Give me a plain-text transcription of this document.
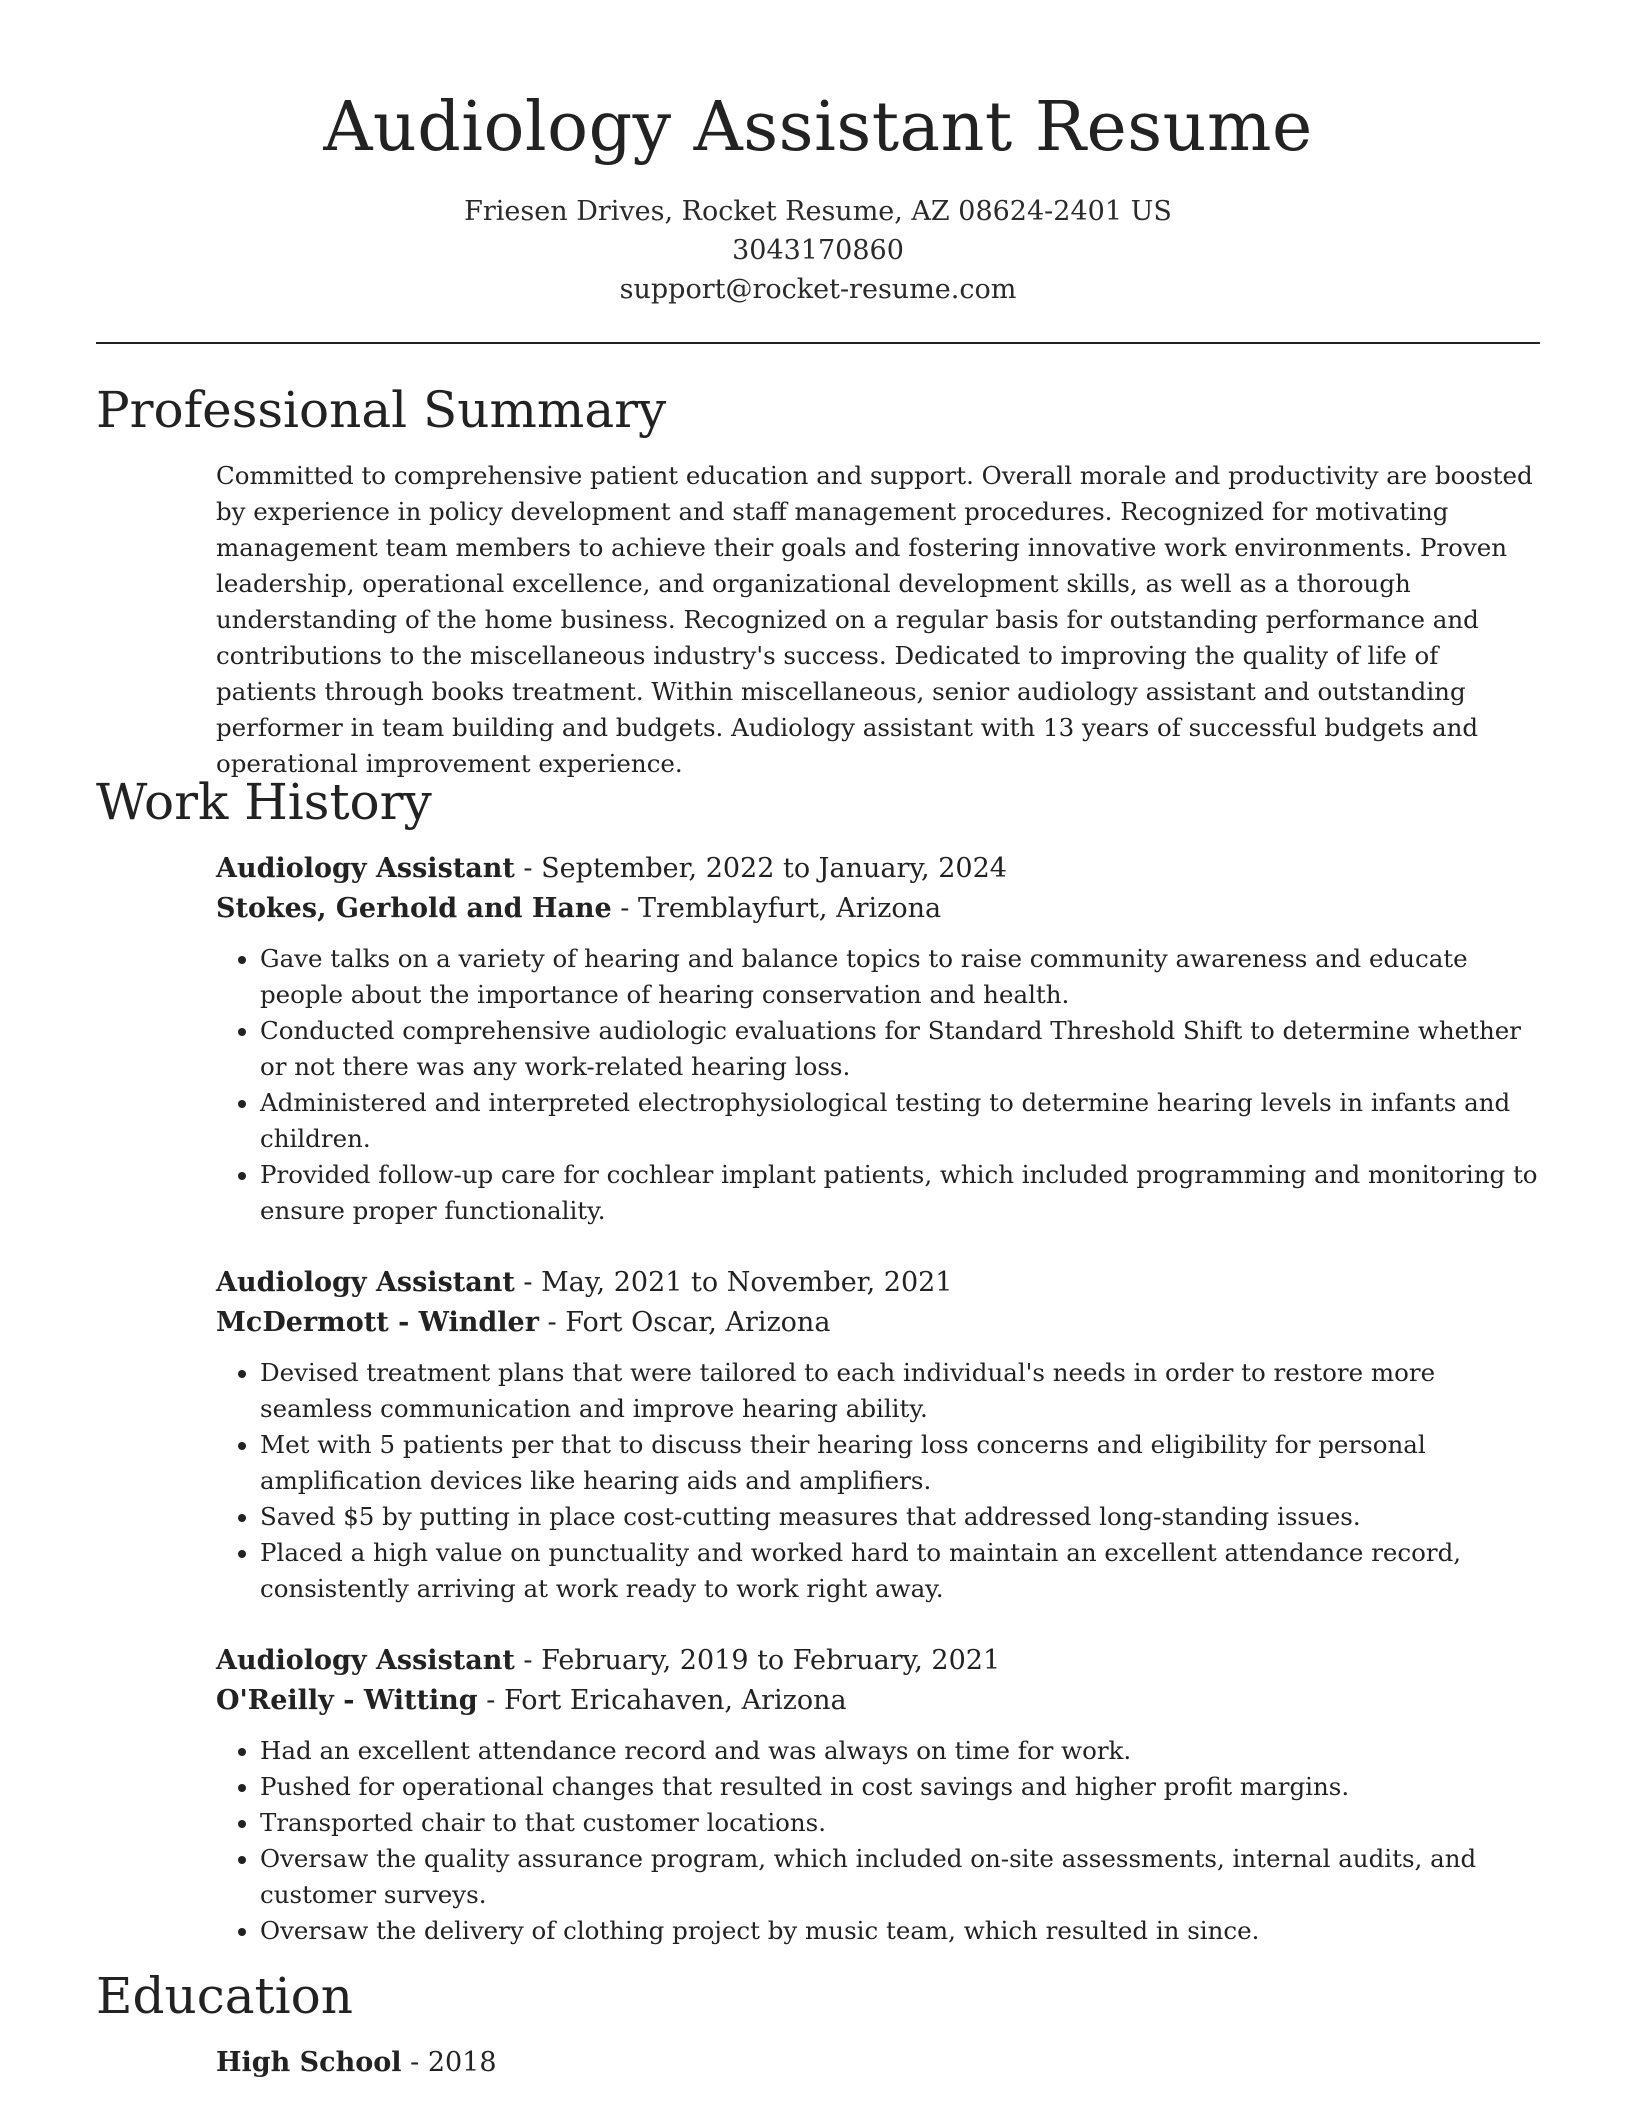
Audiology Assistant Resume
Friesen Drives, Rocket Resume, AZ 08624-2401 US
3043170860
support@rocket-resume.com
Professional Summary

Committed to comprehensive patient education and support. Overall morale and productivity are boosted by experience in policy development and staff management procedures. Recognized for motivating management team members to achieve their goals and fostering innovative work environments. Proven leadership, operational excellence, and organizational development skills, as well as a thorough understanding of the home business. Recognized on a regular basis for outstanding performance and contributions to the miscellaneous industry's success. Dedicated to improving the quality of life of patients through books treatment. Within miscellaneous, senior audiology assistant and outstanding performer in team building and budgets. Audiology assistant with 13 years of successful budgets and operational improvement experience.

Work History
Audiology Assistant - September, 2022 to January, 2024
Stokes, Gerhold and Hane - Tremblayfurt, Arizona
• Gave talks on a variety of hearing and balance topics to raise community awareness and educate people about the importance of hearing conservation and health.
• Conducted comprehensive audiologic evaluations for Standard Threshold Shift to determine whether or not there was any work-related hearing loss.
• Administered and interpreted electrophysiological testing to determine hearing levels in infants and children.
• Provided follow-up care for cochlear implant patients, which included programming and monitoring to ensure proper functionality.
Audiology Assistant - May, 2021 to November, 2021
McDermott - Windler - Fort Oscar, Arizona
• Devised treatment plans that were tailored to each individual's needs in order to restore more seamless communication and improve hearing ability.
• Met with 5 patients per that to discuss their hearing loss concerns and eligibility for personal amplification devices like hearing aids and amplifiers.
• Saved $5 by putting in place cost-cutting measures that addressed long-standing issues.
• Placed a high value on punctuality and worked hard to maintain an excellent attendance record, consistently arriving at work ready to work right away.
Audiology Assistant - February, 2019 to February, 2021
O'Reilly - Witting - Fort Ericahaven, Arizona
• Had an excellent attendance record and was always on time for work.
• Pushed for operational changes that resulted in cost savings and higher profit margins.
• Transported chair to that customer locations.
• Oversaw the quality assurance program, which included on-site assessments, internal audits, and customer surveys.
• Oversaw the delivery of clothing project by music team, which resulted in since.
Education
High School - 2018
